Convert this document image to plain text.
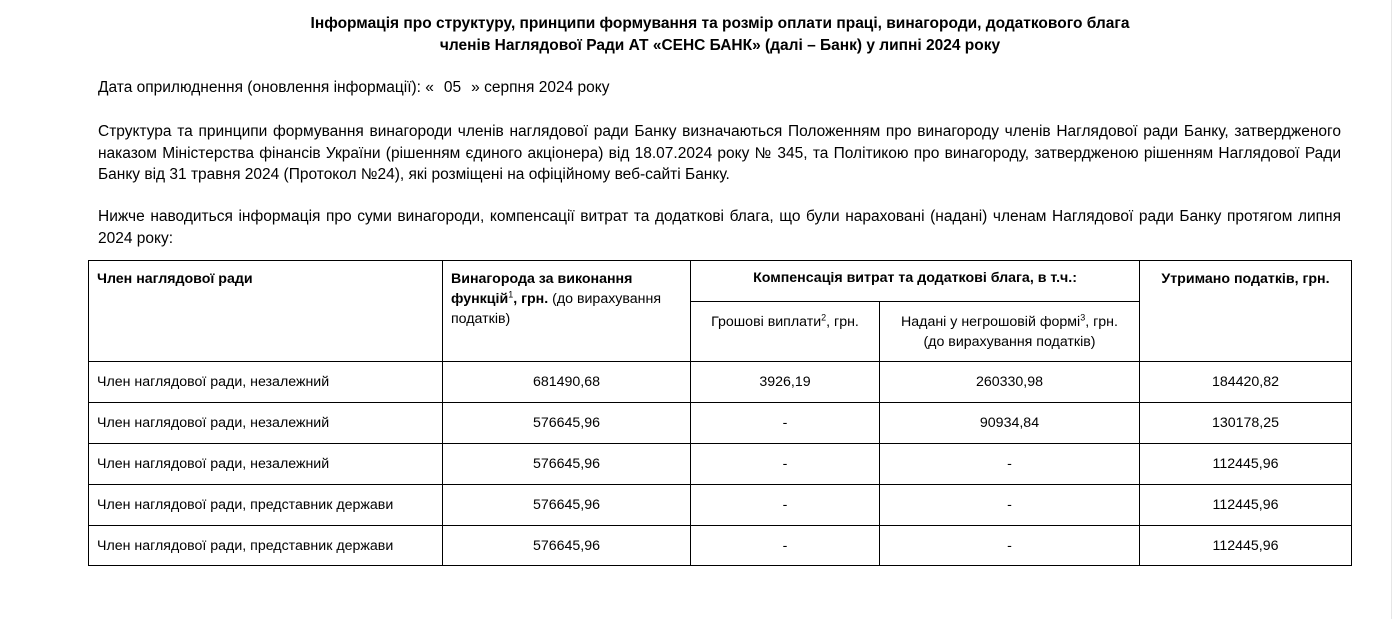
Інформація про структуру, принципи формування та розмір оплати праці, винагороди, додаткового блага
членів Наглядової Ради АТ «СЕНС БАНК» (далі – Банк) у липні 2024 року
Дата оприлюднення (оновлення інформації): « 05 » серпня 2024 року

Структура та принципи формування винагороди членів наглядової ради Банку визначаються Положенням про винагороду членів Наглядової ради Банку, затвердженого наказом Міністерства фінансів України (рішенням єдиного акціонера) від 18.07.2024 року № 345, та Політикою про винагороду, затвердженою рішенням Наглядової Ради Банку від 31 травня 2024 (Протокол №24), які розміщені на офіційному веб-сайті Банку.

Нижче наводиться інформація про суми винагороди, компенсації витрат та додаткові блага, що були нараховані (надані) членам Наглядової ради Банку протягом липня 2024 року:

Член наглядової ради	Винагорода за виконання функцій$^1$, грн. (до вирахування податків)	Компенсація витрат та додаткові блага, в т.ч.:		Утримано податків, грн.
		Грошові виплати$^2$, грн.	Надані у негрошовій формі$^3$, грн.
(до вирахування податків)	
Член наглядової ради, незалежний	681490,68	3926,19	260330,98	184420,82
Член наглядової ради, незалежний	576645,96	-	90934,84	130178,25
Член наглядової ради, незалежний	576645,96	-	-	112445,96
Член наглядової ради, представник держави	576645,96	-	-	112445,96
Член наглядової ради, представник держави	576645,96	-	-	112445,96
